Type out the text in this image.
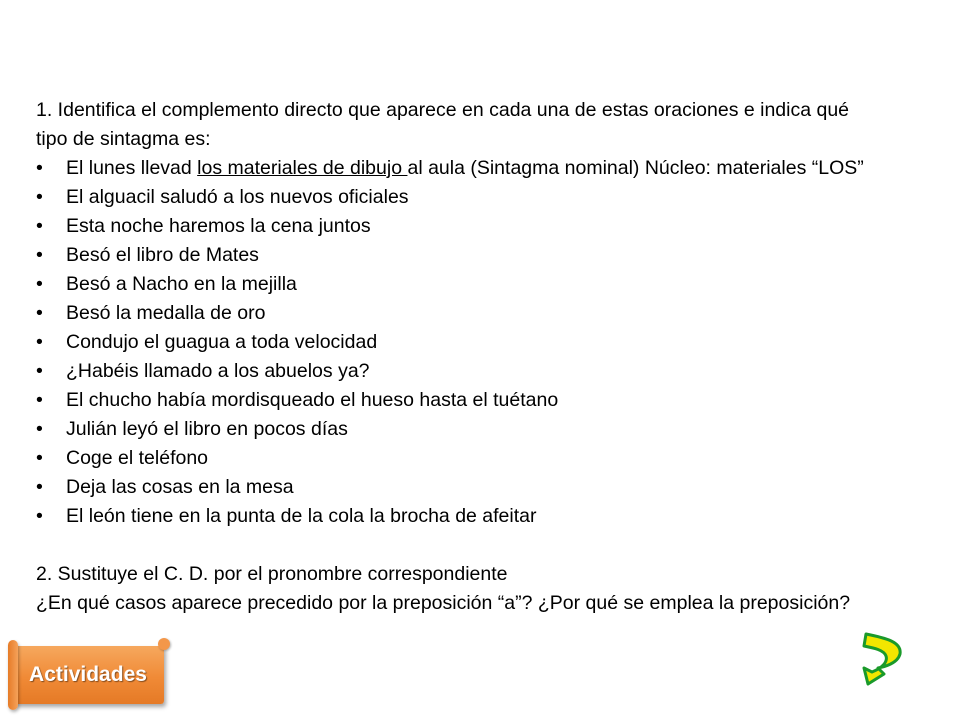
1. Identifica el complemento directo que aparece en cada una de estas oraciones e indica qué

tipo de sintagma es:

• El lunes llevad los materiales de dibujo al aula (Sintagma nominal) Núcleo: materiales “LOS”
• El alguacil saludó a los nuevos oficiales
• Esta noche haremos la cena juntos
• Besó el libro de Mates
• Besó a Nacho en la mejilla
• Besó la medalla de oro
• Condujo el guagua a toda velocidad
• ¿Habéis llamado a los abuelos ya?
• El chucho había mordisqueado el hueso hasta el tuétano
• Julián leyó el libro en pocos días
• Coge el teléfono
• Deja las cosas en la mesa
• El león tiene en la punta de la cola la brocha de afeitar

2. Sustituye el C. D. por el pronombre correspondiente

¿En qué casos aparece precedido por la preposición “a”? ¿Por qué se emplea la preposición?

Actividades
